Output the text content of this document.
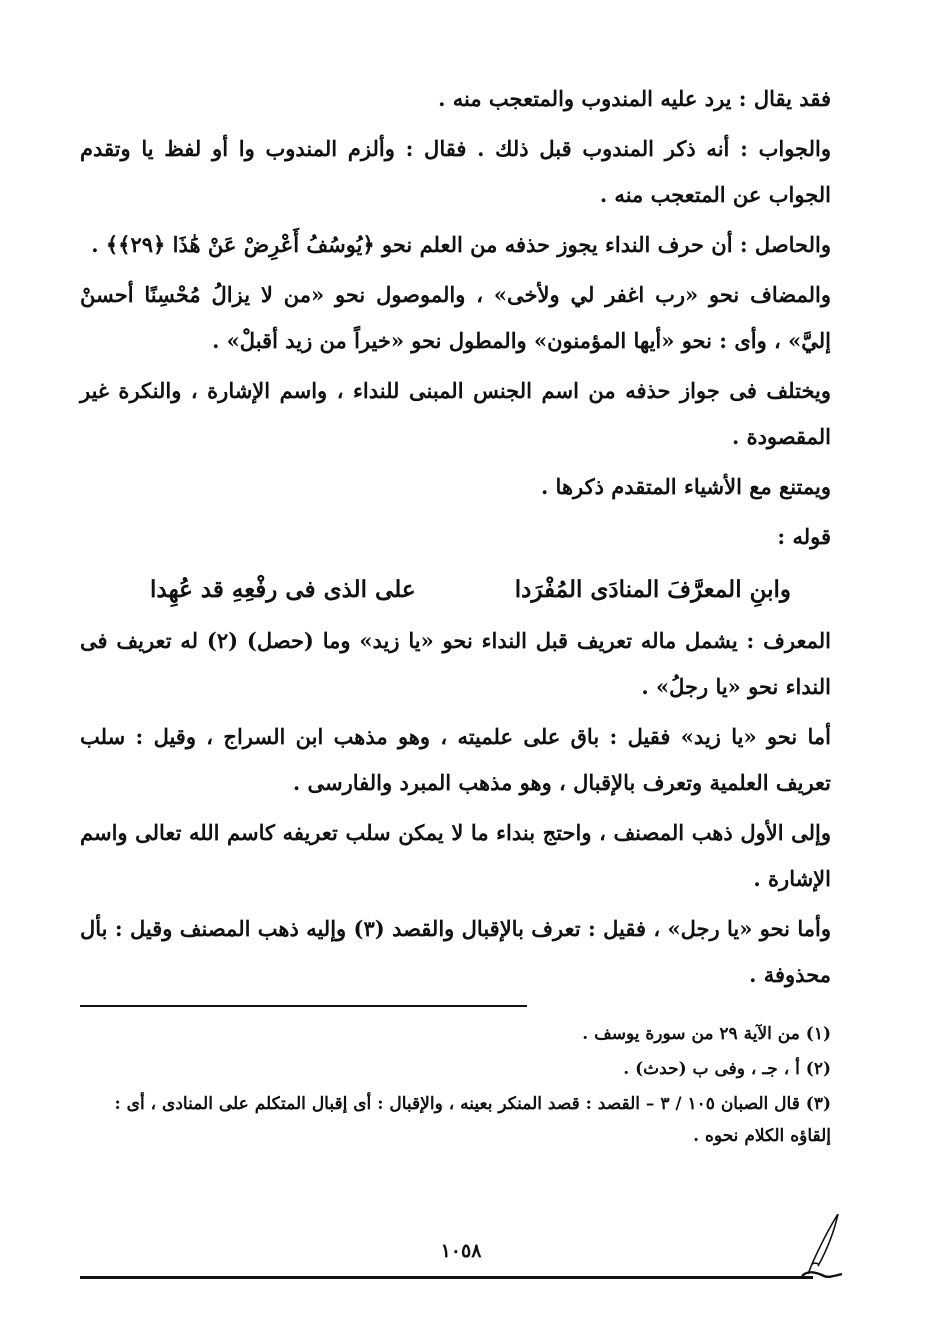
فقد يقال : يرد عليه المندوب والمتعجب منه .

والجواب : أنه ذكر المندوب قبل ذلك . فقال : وألزم المندوب وا أو لفظ يا وتقدم الجواب عن المتعجب منه .

والحاصل : أن حرف النداء يجوز حذفه من العلم نحو ﴿يُوسُفُ أَعْرِضْ عَنْ هَٰذَا ﴿٢٩﴾﴾ .

والمضاف نحو «رب اغفر لي ولأخى» ، والموصول نحو «من لا يزالُ مُحْسِنًا أحسنْ إليَّ» ، وأى : نحو «أيها المؤمنون» والمطول نحو «خيراً من زيد أقبلْ» .

ويختلف فى جواز حذفه من اسم الجنس المبنى للنداء ، واسم الإشارة ، والنكرة غير المقصودة .

ويمتنع مع الأشياء المتقدم ذكرها .

قوله :

وابنِ المعرَّفَ المنادَى المُفْرَدا
على الذى فى رفْعِهِ قد عُهِدا

المعرف : يشمل ماله تعريف قبل النداء نحو «يا زيد» وما (حصل) (٢) له تعريف فى النداء نحو «يا رجلُ» .

أما نحو «يا زيد» فقيل : باق على علميته ، وهو مذهب ابن السراج ، وقيل : سلب تعريف العلمية وتعرف بالإقبال ، وهو مذهب المبرد والفارسى .

وإلى الأول ذهب المصنف ، واحتج بنداء ما لا يمكن سلب تعريفه كاسم الله تعالى واسم الإشارة .

وأما نحو «يا رجل» ، فقيل : تعرف بالإقبال والقصد (٣) وإليه ذهب المصنف وقيل : بأل محذوفة .

(١) من الآية ٢٩ من سورة يوسف .

(٢) أ ، جـ ، وفى ب (حدث) .

(٣) قال الصبان ١٠٥ / ٣ – القصد : قصد المنكر بعينه ، والإقبال : أى إقبال المتكلم على المنادى ، أى : إلقاؤه الكلام نحوه .

١٠٥٨
